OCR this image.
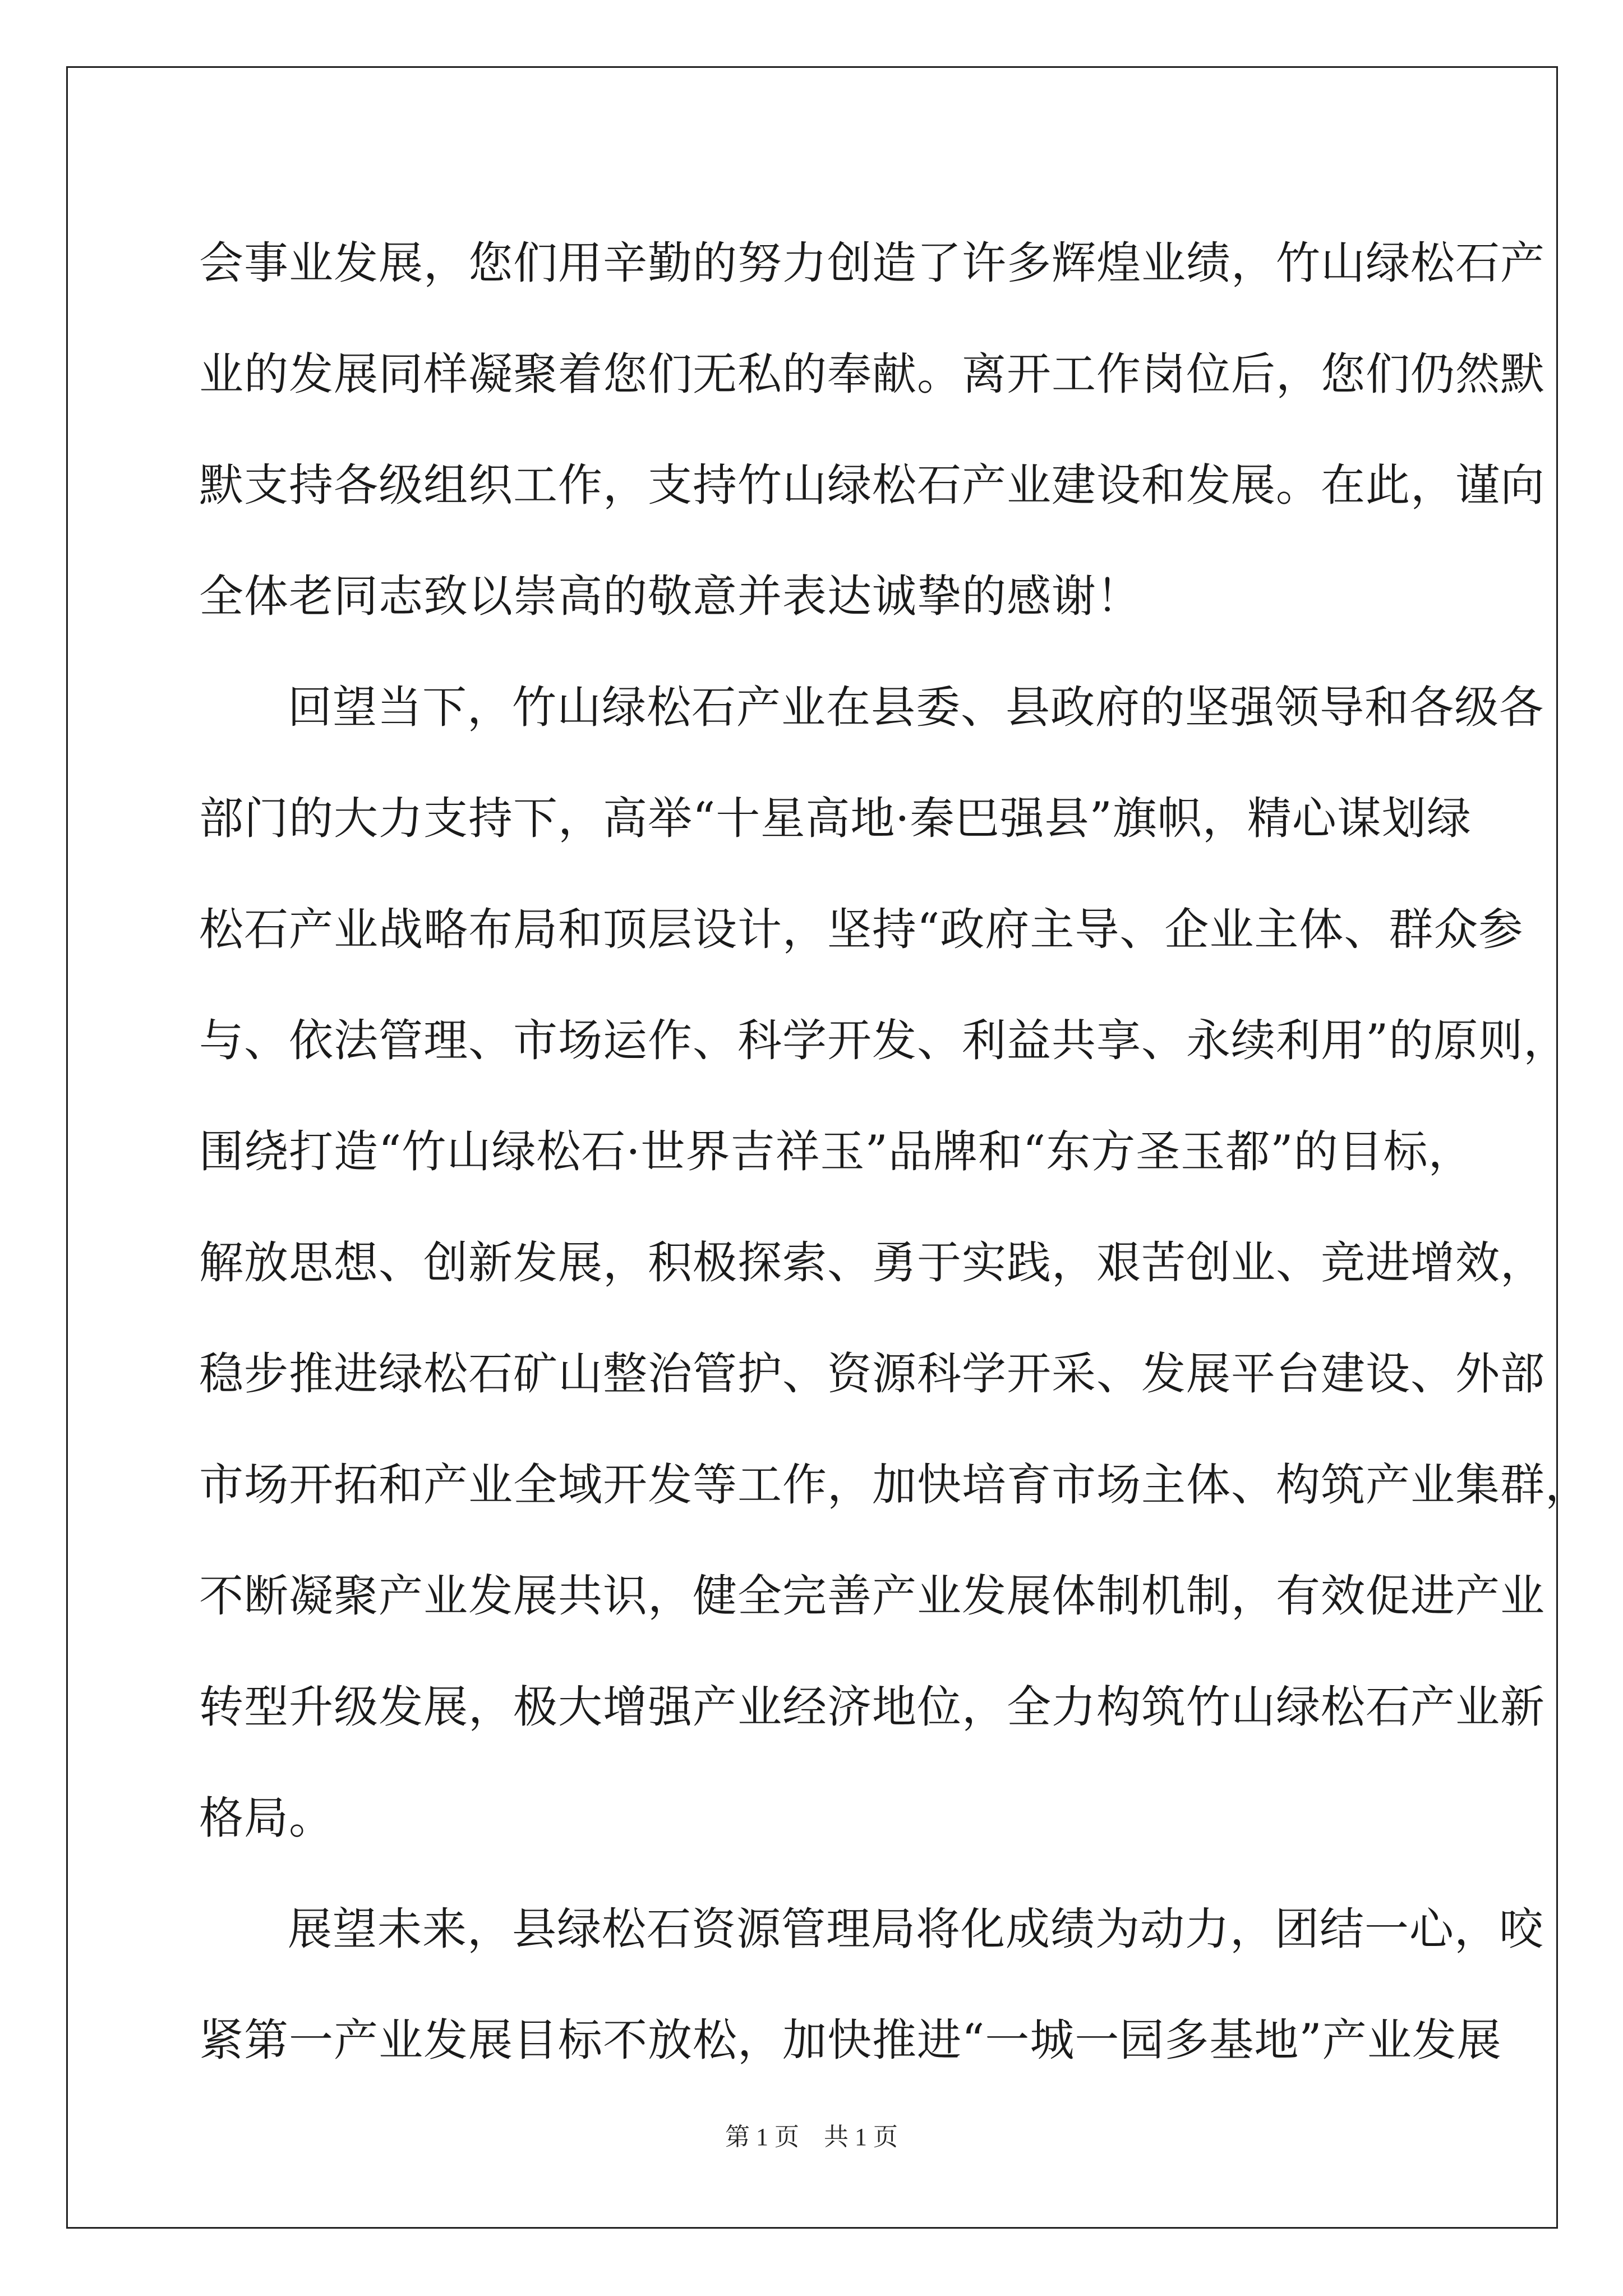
会事业发展，您们用辛勤的努力创造了许多辉煌业绩，竹山绿松石产
业的发展同样凝聚着您们无私的奉献。离开工作岗位后，您们仍然默
默支持各级组织工作，支持竹山绿松石产业建设和发展。在此，谨向
全体老同志致以崇高的敬意并表达诚挚的感谢！
回望当下，竹山绿松石产业在县委、县政府的坚强领导和各级各
部门的大力支持下，高举“十星高地·秦巴强县”旗帜，精心谋划绿
松石产业战略布局和顶层设计，坚持“政府主导、企业主体、群众参
与、依法管理、市场运作、科学开发、利益共享、永续利用”的原则，
围绕打造“竹山绿松石·世界吉祥玉”品牌和“东方圣玉都”的目标，
解放思想、创新发展，积极探索、勇于实践，艰苦创业、竞进增效，
稳步推进绿松石矿山整治管护、资源科学开采、发展平台建设、外部
市场开拓和产业全域开发等工作，加快培育市场主体、构筑产业集群，
不断凝聚产业发展共识，健全完善产业发展体制机制，有效促进产业
转型升级发展，极大增强产业经济地位，全力构筑竹山绿松石产业新
格局。
展望未来，县绿松石资源管理局将化成绩为动力，团结一心，咬
紧第一产业发展目标不放松，加快推进“一城一园多基地”产业发展
第 1 页　共 1 页
